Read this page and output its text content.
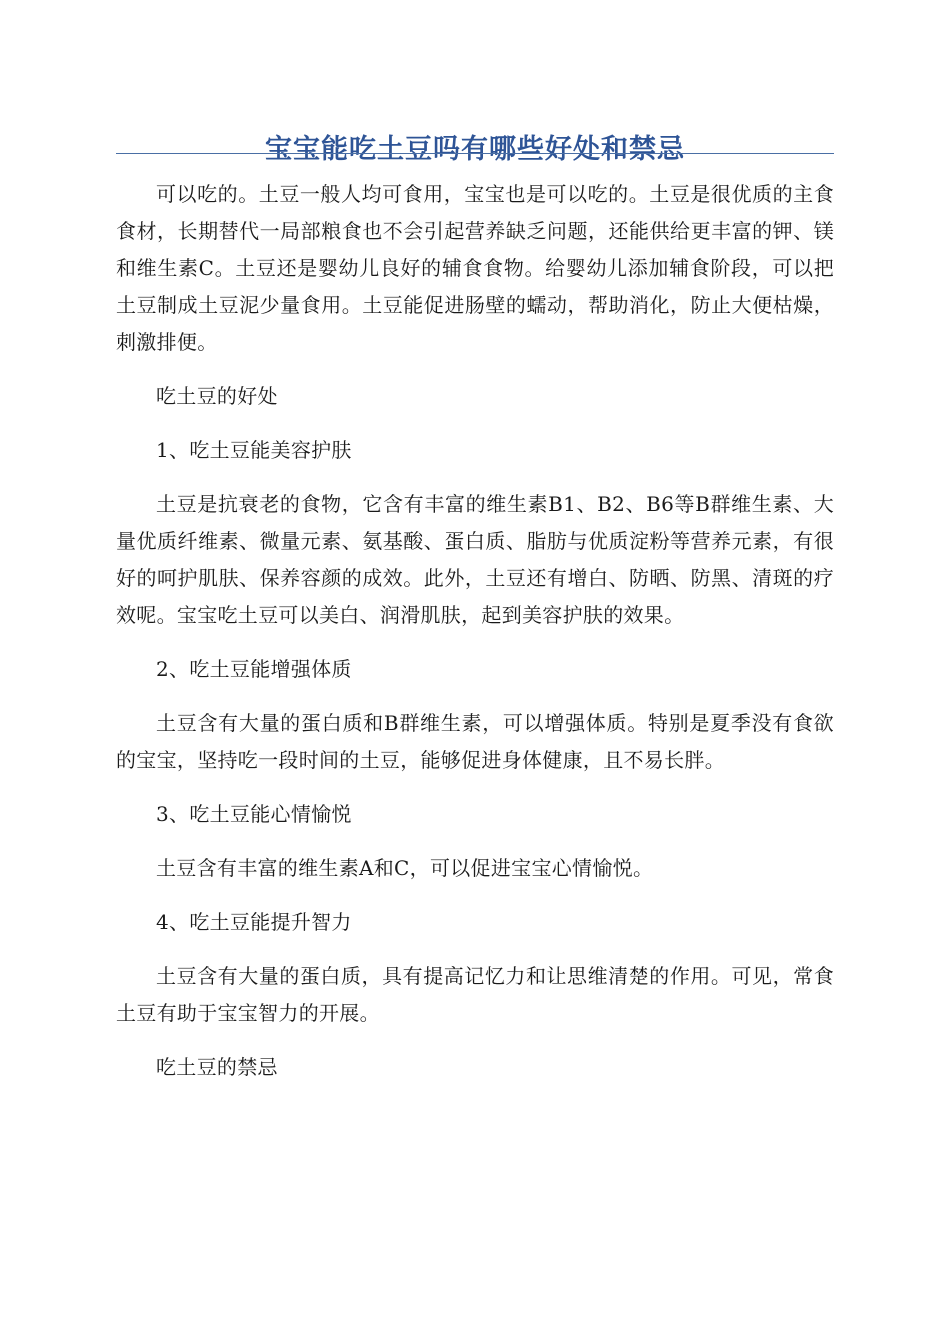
宝宝能吃土豆吗有哪些好处和禁忌

可以吃的。土豆一般人均可食用，宝宝也是可以吃的。土豆是很优质的主食食材，长期替代一局部粮食也不会引起营养缺乏问题，还能供给更丰富的钾、镁和维生素C。土豆还是婴幼儿良好的辅食食物。给婴幼儿添加辅食阶段，可以把土豆制成土豆泥少量食用。土豆能促进肠壁的蠕动，帮助消化，防止大便枯燥，刺激排便。

吃土豆的好处

1、吃土豆能美容护肤

土豆是抗衰老的食物，它含有丰富的维生素B1、B2、B6等B群维生素、大量优质纤维素、微量元素、氨基酸、蛋白质、脂肪与优质淀粉等营养元素，有很好的呵护肌肤、保养容颜的成效。此外，土豆还有增白、防晒、防黑、清斑的疗效呢。宝宝吃土豆可以美白、润滑肌肤，起到美容护肤的效果。

2、吃土豆能增强体质

土豆含有大量的蛋白质和B群维生素，可以增强体质。特别是夏季没有食欲的宝宝，坚持吃一段时间的土豆，能够促进身体健康，且不易长胖。

3、吃土豆能心情愉悦

土豆含有丰富的维生素A和C，可以促进宝宝心情愉悦。

4、吃土豆能提升智力

土豆含有大量的蛋白质，具有提高记忆力和让思维清楚的作用。可见，常食土豆有助于宝宝智力的开展。

吃土豆的禁忌
